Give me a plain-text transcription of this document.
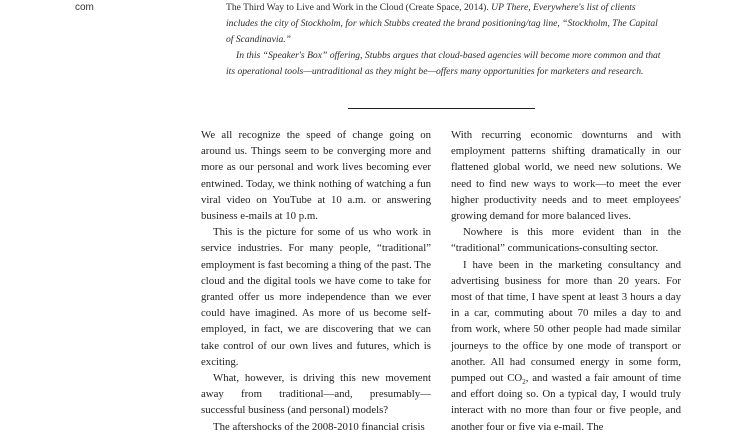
com	The Third Way to Live and Work in the Cloud (Create Space, 2014). UP There, Everywhere's list of clients includes the city of Stockholm, for which Stubbs created the brand positioning/tag line, “Stockholm, The Capital of Scandinavia.”

In this “Speaker's Box” offering, Stubbs argues that cloud-based agencies will become more common and that its operational tools—untraditional as they might be—offers many opportunities for marketers and research.

We all recognize the speed of change going on around us. Things seem to be converging more and more as our personal and work lives becoming ever entwined. Today, we think nothing of watching a fun viral video on YouTube at 10 a.m. or answering business e-mails at 10 p.m.

This is the picture for some of us who work in service industries. For many people, “traditional” employment is fast becoming a thing of the past. The cloud and the digital tools we have come to take for granted offer us more independence than we ever could have imagined. As more of us become self-employed, in fact, we are discovering that we can take control of our own lives and futures, which is exciting.

What, however, is driving this new movement away from traditional—and, presumably—successful business (and personal) models?

The aftershocks of the 2008-2010 financial crisis

With recurring economic downturns and with employment patterns shifting dramatically in our flattened global world, we need new solutions. We need to find new ways to work—to meet the ever higher productivity needs and to meet employees' growing demand for more balanced lives.

Nowhere is this more evident than in the “traditional” communications-consulting sector.

I have been in the marketing consultancy and advertising business for more than 20 years. For most of that time, I have spent at least 3 hours a day in a car, commuting about 70 miles a day to and from work, where 50 other people had made similar journeys to the office by one mode of transport or another. All had consumed energy in some form, pumped out $CO_2$, and wasted a fair amount of time and effort doing so. On a typical day, I would truly interact with no more than four or five people, and another four or five via e-mail. The
